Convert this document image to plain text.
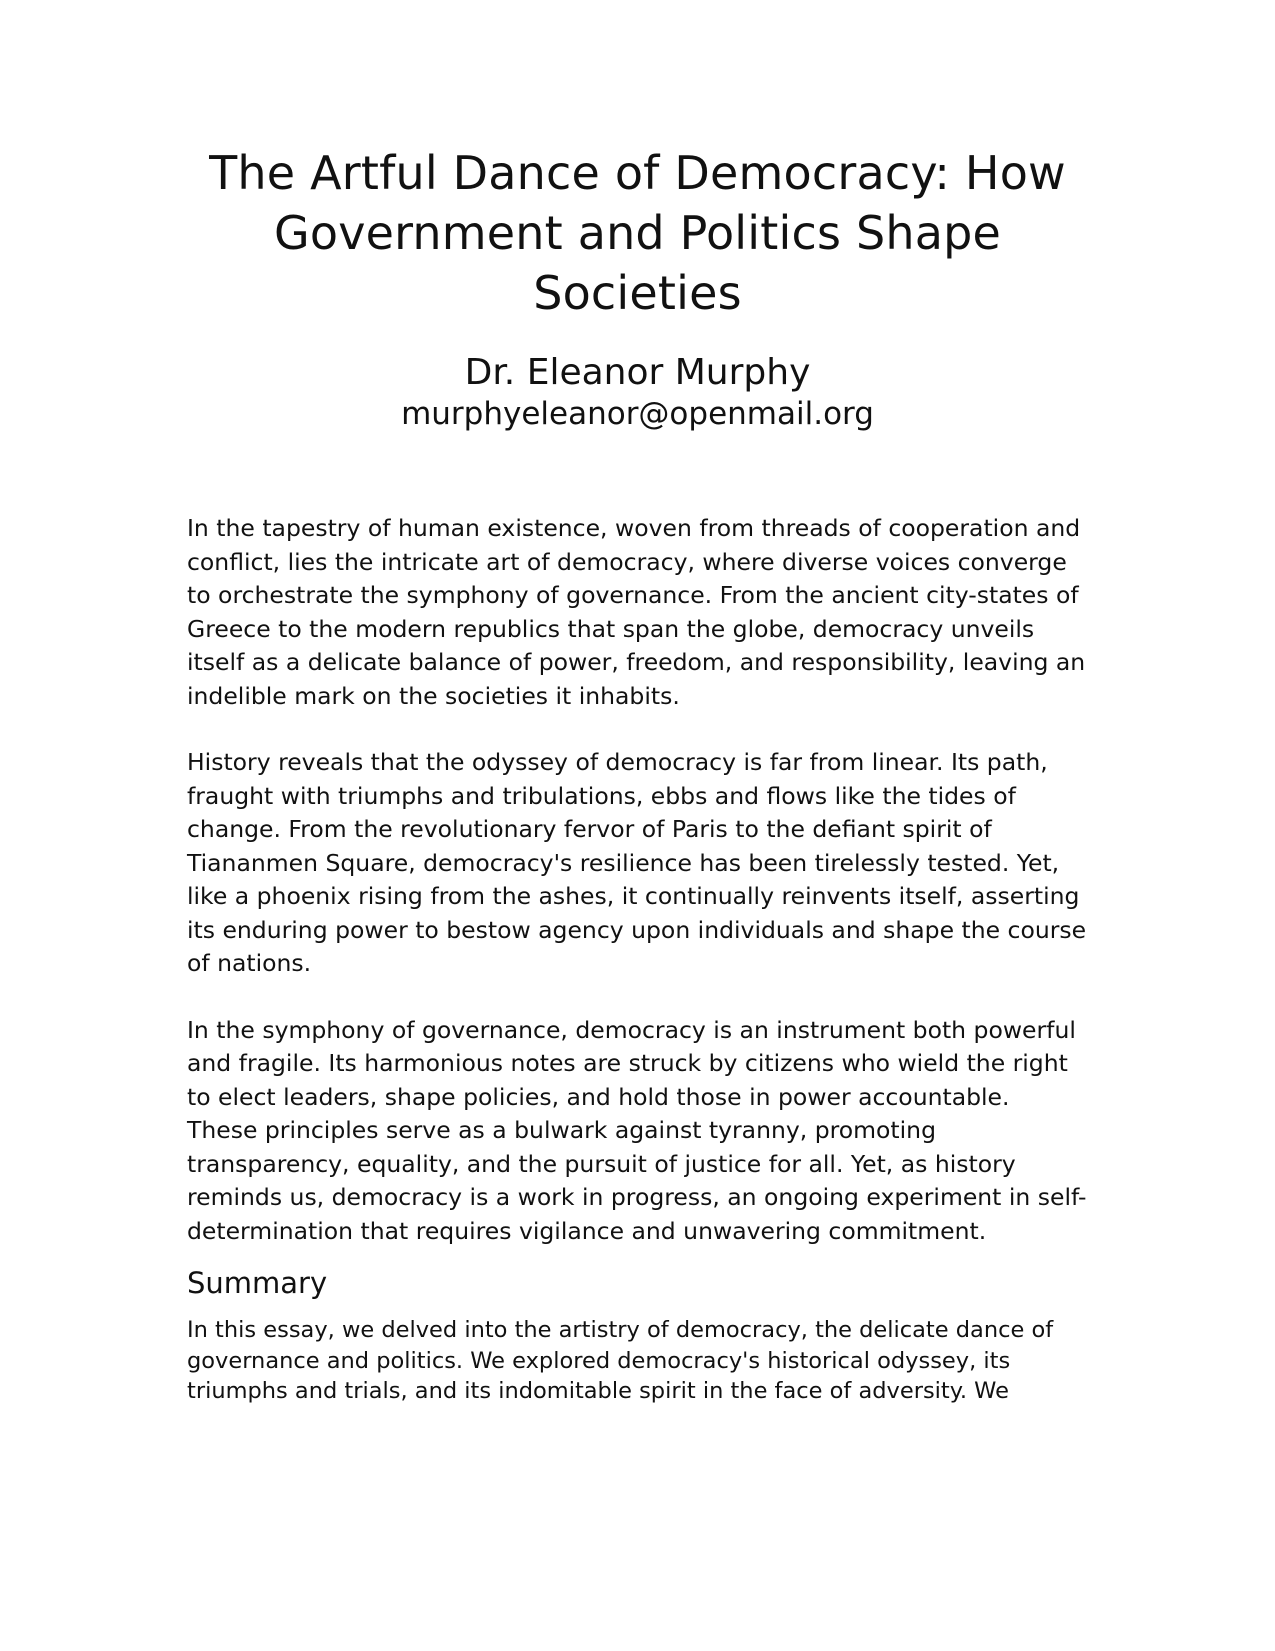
The Artful Dance of Democracy: How Government and Politics Shape Societies
Dr. Eleanor Murphy
murphyeleanor@openmail.org

In the tapestry of human existence, woven from threads of cooperation and conflict, lies the intricate art of democracy, where diverse voices converge to orchestrate the symphony of governance. From the ancient city-states of Greece to the modern republics that span the globe, democracy unveils itself as a delicate balance of power, freedom, and responsibility, leaving an indelible mark on the societies it inhabits.

History reveals that the odyssey of democracy is far from linear. Its path, fraught with triumphs and tribulations, ebbs and flows like the tides of change. From the revolutionary fervor of Paris to the defiant spirit of Tiananmen Square, democracy's resilience has been tirelessly tested. Yet, like a phoenix rising from the ashes, it continually reinvents itself, asserting its enduring power to bestow agency upon individuals and shape the course of nations.

In the symphony of governance, democracy is an instrument both powerful and fragile. Its harmonious notes are struck by citizens who wield the right to elect leaders, shape policies, and hold those in power accountable. These principles serve as a bulwark against tyranny, promoting transparency, equality, and the pursuit of justice for all. Yet, as history reminds us, democracy is a work in progress, an ongoing experiment in self-determination that requires vigilance and unwavering commitment.

Summary

In this essay, we delved into the artistry of democracy, the delicate dance of governance and politics. We explored democracy's historical odyssey, its triumphs and trials, and its indomitable spirit in the face of adversity. We
